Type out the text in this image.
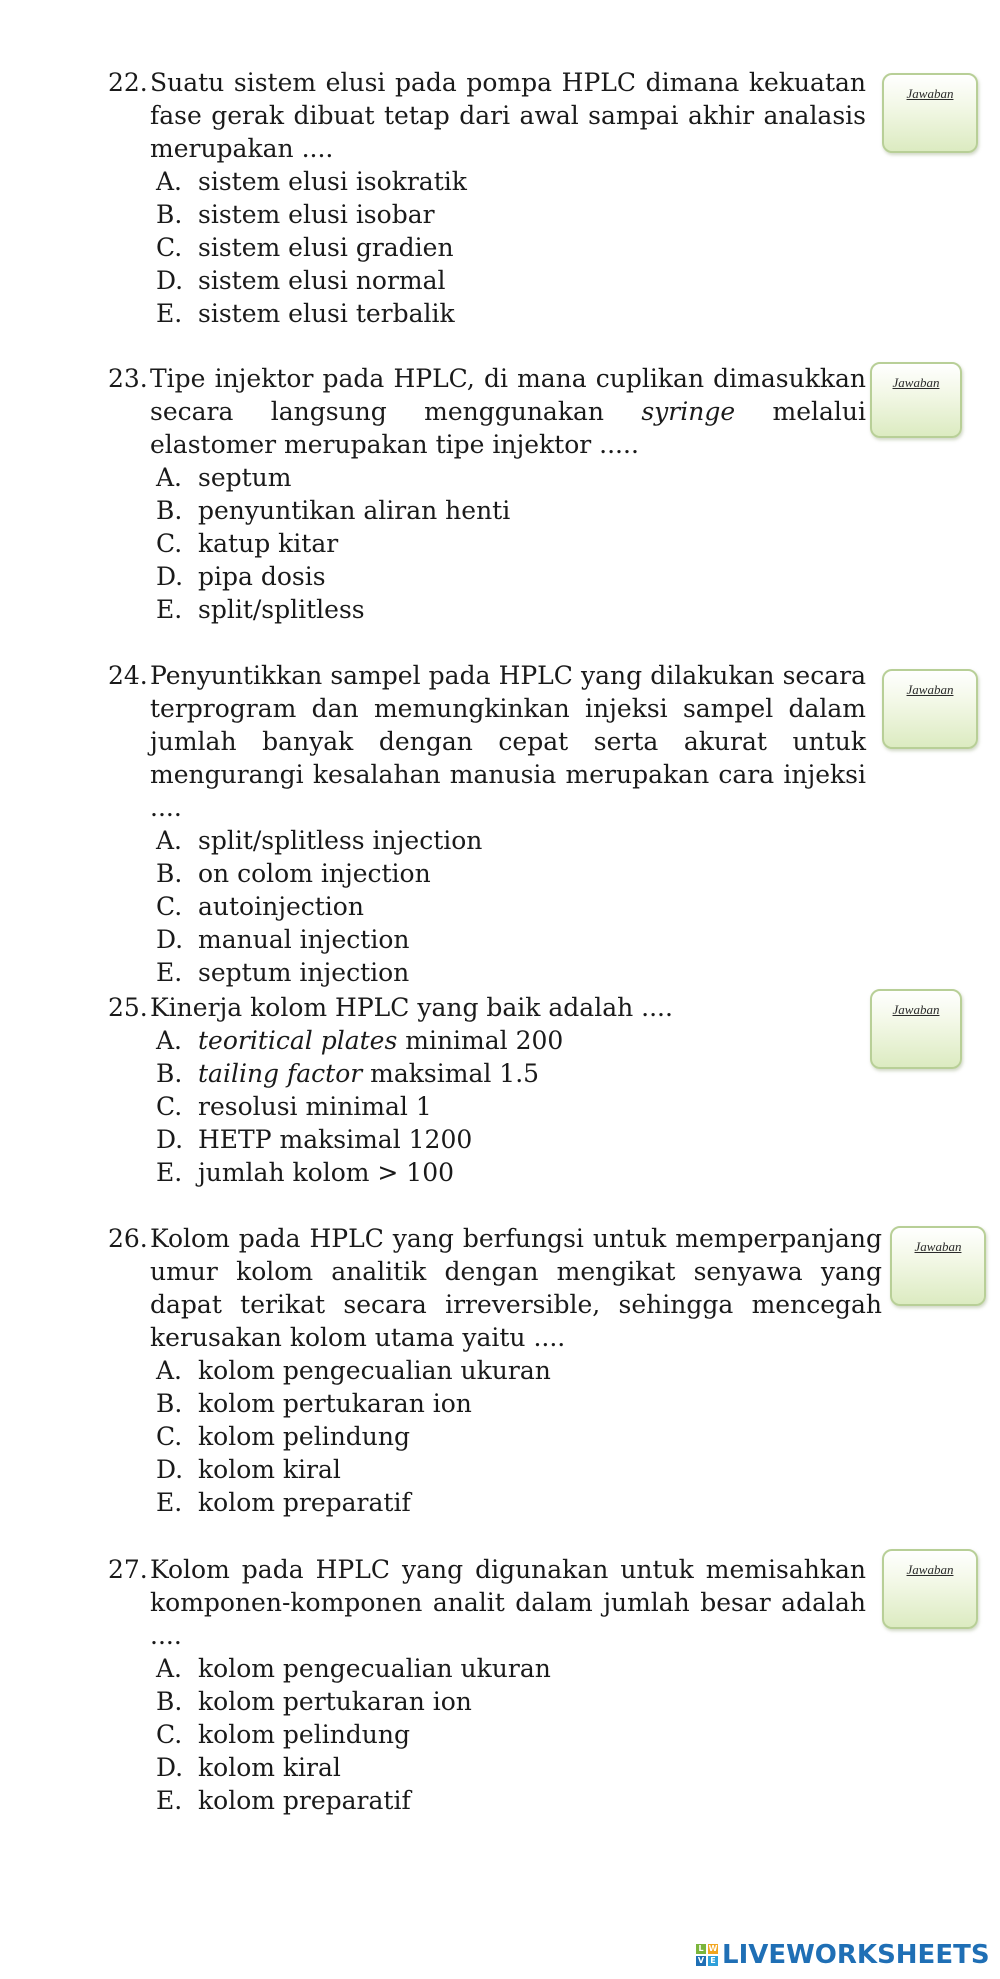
22.Suatu sistem elusi pada pompa HPLC dimana kekuatan fase gerak dibuat tetap dari awal sampai akhir analasis merupakan ....
A. sistem elusi isokratik
B. sistem elusi isobar
C. sistem elusi gradien
D. sistem elusi normal
E. sistem elusi terbalik
23.Tipe injektor pada HPLC, di mana cuplikan dimasukkan secara langsung menggunakan syringe melalui elastomer merupakan tipe injektor .....
A. septum
B. penyuntikan aliran henti
C. katup kitar
D. pipa dosis
E. split/splitless
24.Penyuntikkan sampel pada HPLC yang dilakukan secara terprogram dan memungkinkan injeksi sampel dalam jumlah banyak dengan cepat serta akurat untuk mengurangi kesalahan manusia merupakan cara injeksi ....
A. split/splitless injection
B. on colom injection
C. autoinjection
D. manual injection
E. septum injection
25.Kinerja kolom HPLC yang baik adalah ....
A. teoritical plates minimal 200
B. tailing factor maksimal 1.5
C. resolusi minimal 1
D. HETP maksimal 1200
E. jumlah kolom > 100
26.Kolom pada HPLC yang berfungsi untuk memperpanjang umur kolom analitik dengan mengikat senyawa yang dapat terikat secara irreversible, sehingga mencegah kerusakan kolom utama yaitu ....
A. kolom pengecualian ukuran
B. kolom pertukaran ion
C. kolom pelindung
D. kolom kiral
E. kolom preparatif
27.Kolom pada HPLC yang digunakan untuk memisahkan komponen-komponen analit dalam jumlah besar adalah ....
A. kolom pengecualian ukuran
B. kolom pertukaran ion
C. kolom pelindung
D. kolom kiral
E. kolom preparatif
Jawaban
Jawaban
Jawaban
Jawaban
Jawaban
Jawaban
L W
V E LIVEWORKSHEETS
